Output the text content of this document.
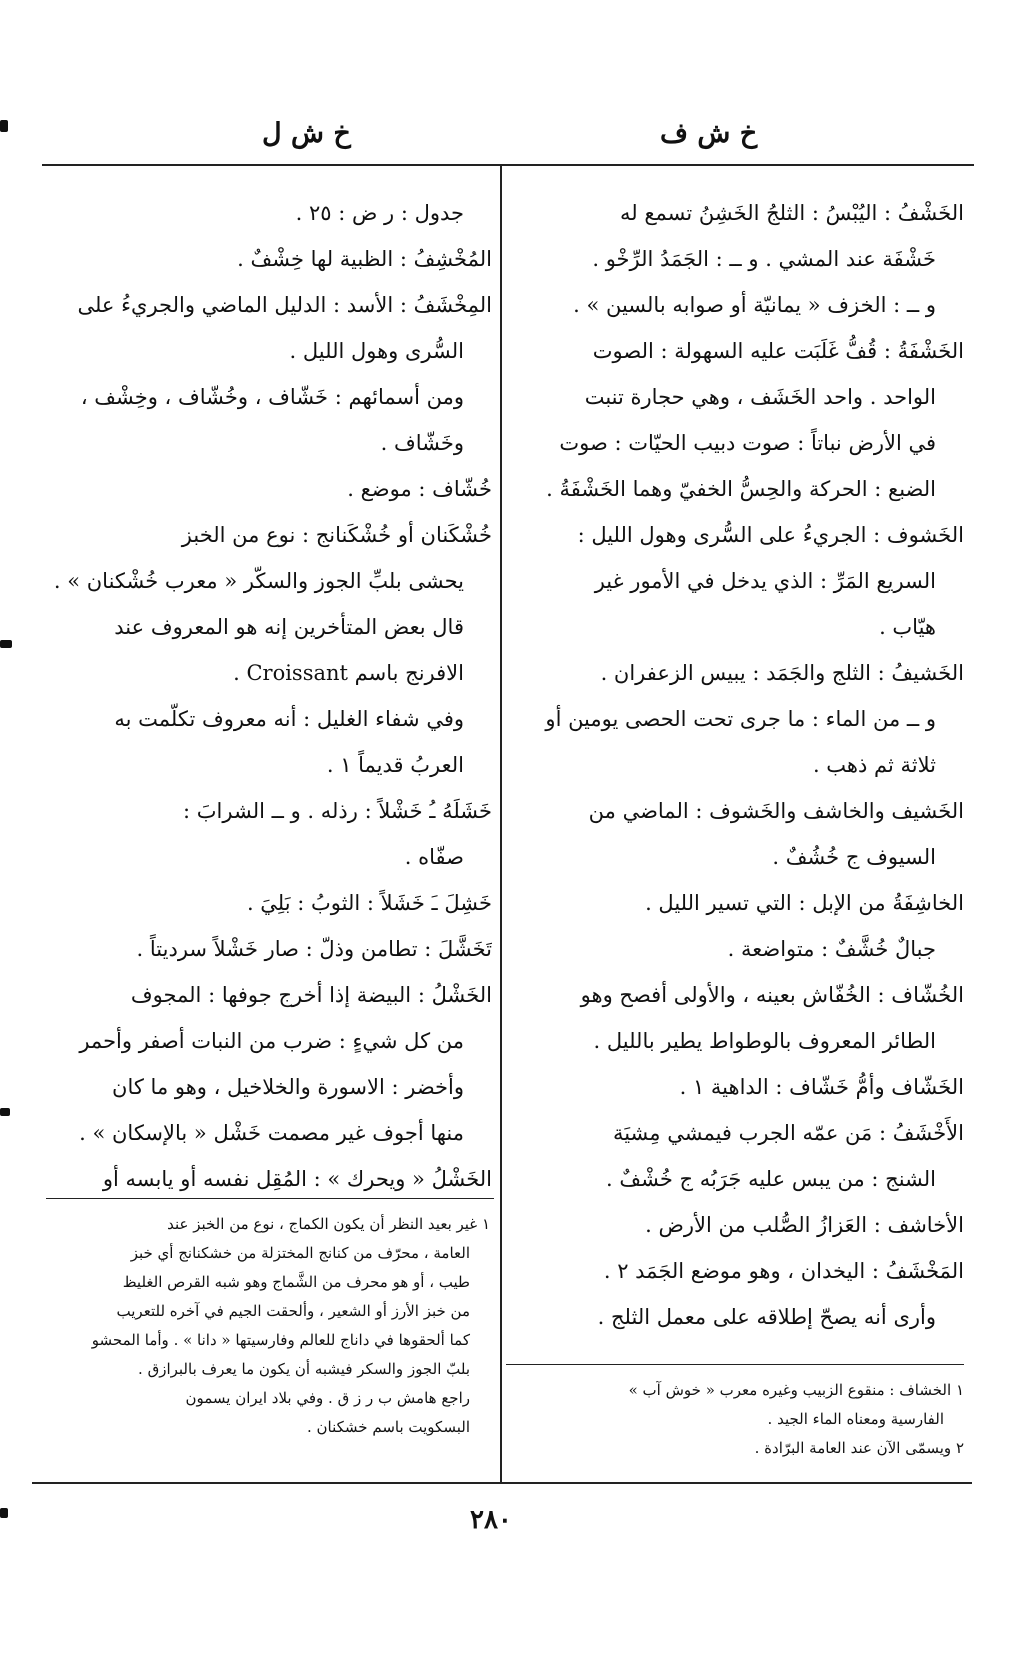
خ ش ف
خ ش ل
الخَشْفُ : اليُبْسُ : الثلجُ الخَشِنُ تسمع له
خَشْفَة عند المشي . و ــ : الجَمَدُ الرِّخْو .
و ــ : الخزف « يمانيّة أو صوابه بالسين » .
الخَشْفَةُ : قُفُّ غَلَبَت عليه السهولة : الصوت
الواحد . واحد الخَشَف ، وهي حجارة تنبت
في الأرض نباتاً : صوت دبيب الحيّات : صوت
الضبع : الحركة والحِسُّ الخفيّ وهما الخَشْفَةُ .
الخَشوف : الجريءُ على السُّرى وهول الليل :
السريع المَرِّ : الذي يدخل في الأمور غير
هيّاب .
الخَشيفُ : الثلج والجَمَد : يبيس الزعفران .
و ــ من الماء : ما جرى تحت الحصى يومين أو
ثلاثة ثم ذهب .
الخَشيف والخاشف والخَشوف : الماضي من
السيوف ج خُشُفٌ .
الخاشِفَةُ من الإبل : التي تسير الليل .
جبالٌ خُشَّفٌ : متواضعة .
الخُشّاف : الخُفّاش بعينه ، والأولى أفصح وهو
الطائر المعروف بالوطواط يطير بالليل .
الخَشّاف وأمُّ خَشّاف : الداهية ١ .
الأَخْشَفُ : مَن عمّه الجرب فيمشي مِشيَة
الشنج : من يبس عليه جَرَبُه ج خُشْفٌ .
الأخاشف : العَزازُ الصُّلب من الأرض .
المَخْشَفُ : اليخدان ، وهو موضع الجَمَد ٢ .
وأرى أنه يصحّ إطلاقه على معمل الثلج .
جدول : ر ض : ٢٥ .
المُخْشِفُ : الظبية لها خِشْفٌ .
المِخْشَفُ : الأسد : الدليل الماضي والجريءُ على
السُّرى وهول الليل .
ومن أسمائهم : خَشّاف ، وخُشّاف ، وخِشْف ،
وخَشّاف .
خُشّاف : موضع .
خُشْكَنان أو خُشْكَنانج : نوع من الخبز
يحشى بلبِّ الجوز والسكّر « معرب خُشْكنان » .
قال بعض المتأخرين إنه هو المعروف عند
الافرنج باسم Croissant .
وفي شفاء الغليل : أنه معروف تكلّمت به
العربُ قديماً ١ .
خَشَلَهُ ـُ خَشْلاً : رذله . و ــ الشرابَ :
صفّاه .
خَشِلَ ـَ خَشَلاً : الثوبُ : بَلِيَ .
تَخَشَّلَ : تطامن وذلّ : صار خَشْلاً سرديتاً .
الخَشْلُ : البيضة إذا أخرج جوفها : المجوف
من كل شيءٍ : ضرب من النبات أصفر وأحمر
وأخضر : الاسورة والخلاخيل ، وهو ما كان
منها أجوف غير مصمت خَشْل « بالإسكان » .
الخَشْلُ « ويحرك » : المُقِل نفسه أو يابسه أو
١ غير بعيد النظر أن يكون الكماج ، نوع من الخبز عند
العامة ، محرّف من كنانج المختزلة من خشكنانج أي خبز
طيب ، أو هو محرف من الشَّماج وهو شبه القرص الغليظ
من خبز الأرز أو الشعير ، وألحقت الجيم في آخره للتعريب
كما ألحقوها في داناج للعالم وفارسيتها « دانا » . وأما المحشو
بلبّ الجوز والسكر فيشبه أن يكون ما يعرف بالبرازق .
راجع هامش ب ر ز ق . وفي بلاد ايران يسمون
البسكويت باسم خشكنان .
١ الخشاف : منقوع الزبيب وغيره معرب « خوش آب »
الفارسية ومعناه الماء الجيد .
٢ ويسمّى الآن عند العامة البرّادة .
٢٨٠
